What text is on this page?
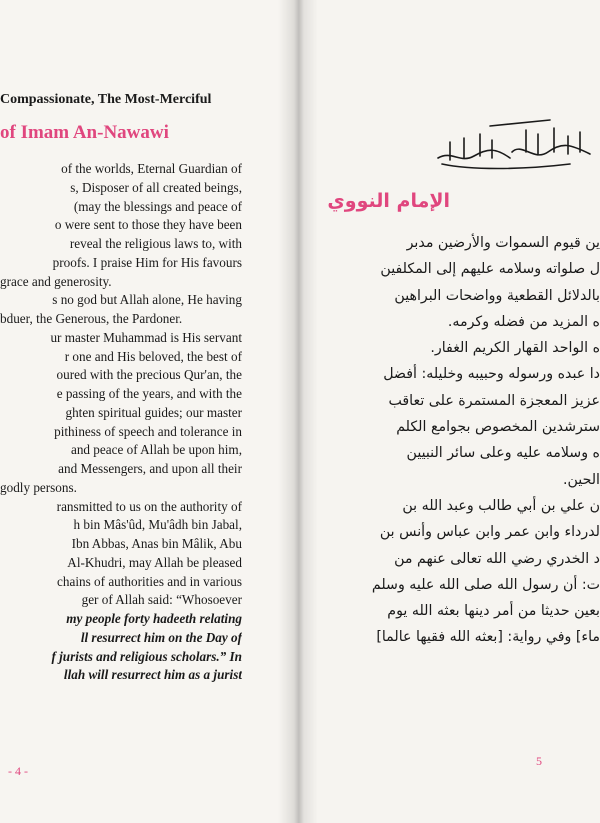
Compassionate, The Most-Merciful
of Imam An-Nawawi
of the worlds, Eternal Guardian of
s, Disposer of all created beings,
(may the blessings and peace of
o were sent to those they have been
reveal the religious laws to, with
proofs. I praise Him for His favours
grace and generosity.
s no god but Allah alone, He having
bduer, the Generous, the Pardoner.
ur master Muhammad is His servant
r one and His beloved, the best of
oured with the precious Qur'an, the
e passing of the years, and with the
ghten spiritual guides; our master
pithiness of speech and tolerance in
and peace of Allah be upon him,
and Messengers, and upon all their
godly persons.
ransmitted to us on the authority of
h bin Mâs'ûd, Mu'âdh bin Jabal,
Ibn Abbas, Anas bin Mâlik, Abu
Al-Khudri, may Allah be pleased
chains of authorities and in various
ger of Allah said: “Whosoever
my people forty hadeeth relating
ll resurrect him on the Day of
f jurists and religious scholars.” In
llah will resurrect him as a jurist
- 4 -
بسم الله الرحمن الرحيم
الإمام النووي
ين قيوم السموات والأرضين مدبر
ل صلواته وسلامه عليهم إلى المكلفين
بالدلائل القطعية وواضحات البراهين
ه المزيد من فضله وكرمه.
ه الواحد القهار الكريم الغفار.
دا عبده ورسوله وحبيبه وخليله: أفضل
عزيز المعجزة المستمرة على تعاقب
سترشدين المخصوص بجوامع الكلم
ه وسلامه عليه وعلى سائر النبيين
الحين.
ن علي بن أبي طالب وعبد الله بن
لدرداء وابن عمر وابن عباس وأنس بن
د الخدري رضي الله تعالى عنهم من
ت: أن رسول الله صلى الله عليه وسلم
بعين حديثا من أمر دينها بعثه الله يوم
ماء] وفي رواية: [بعثه الله فقيها عالما]
5
